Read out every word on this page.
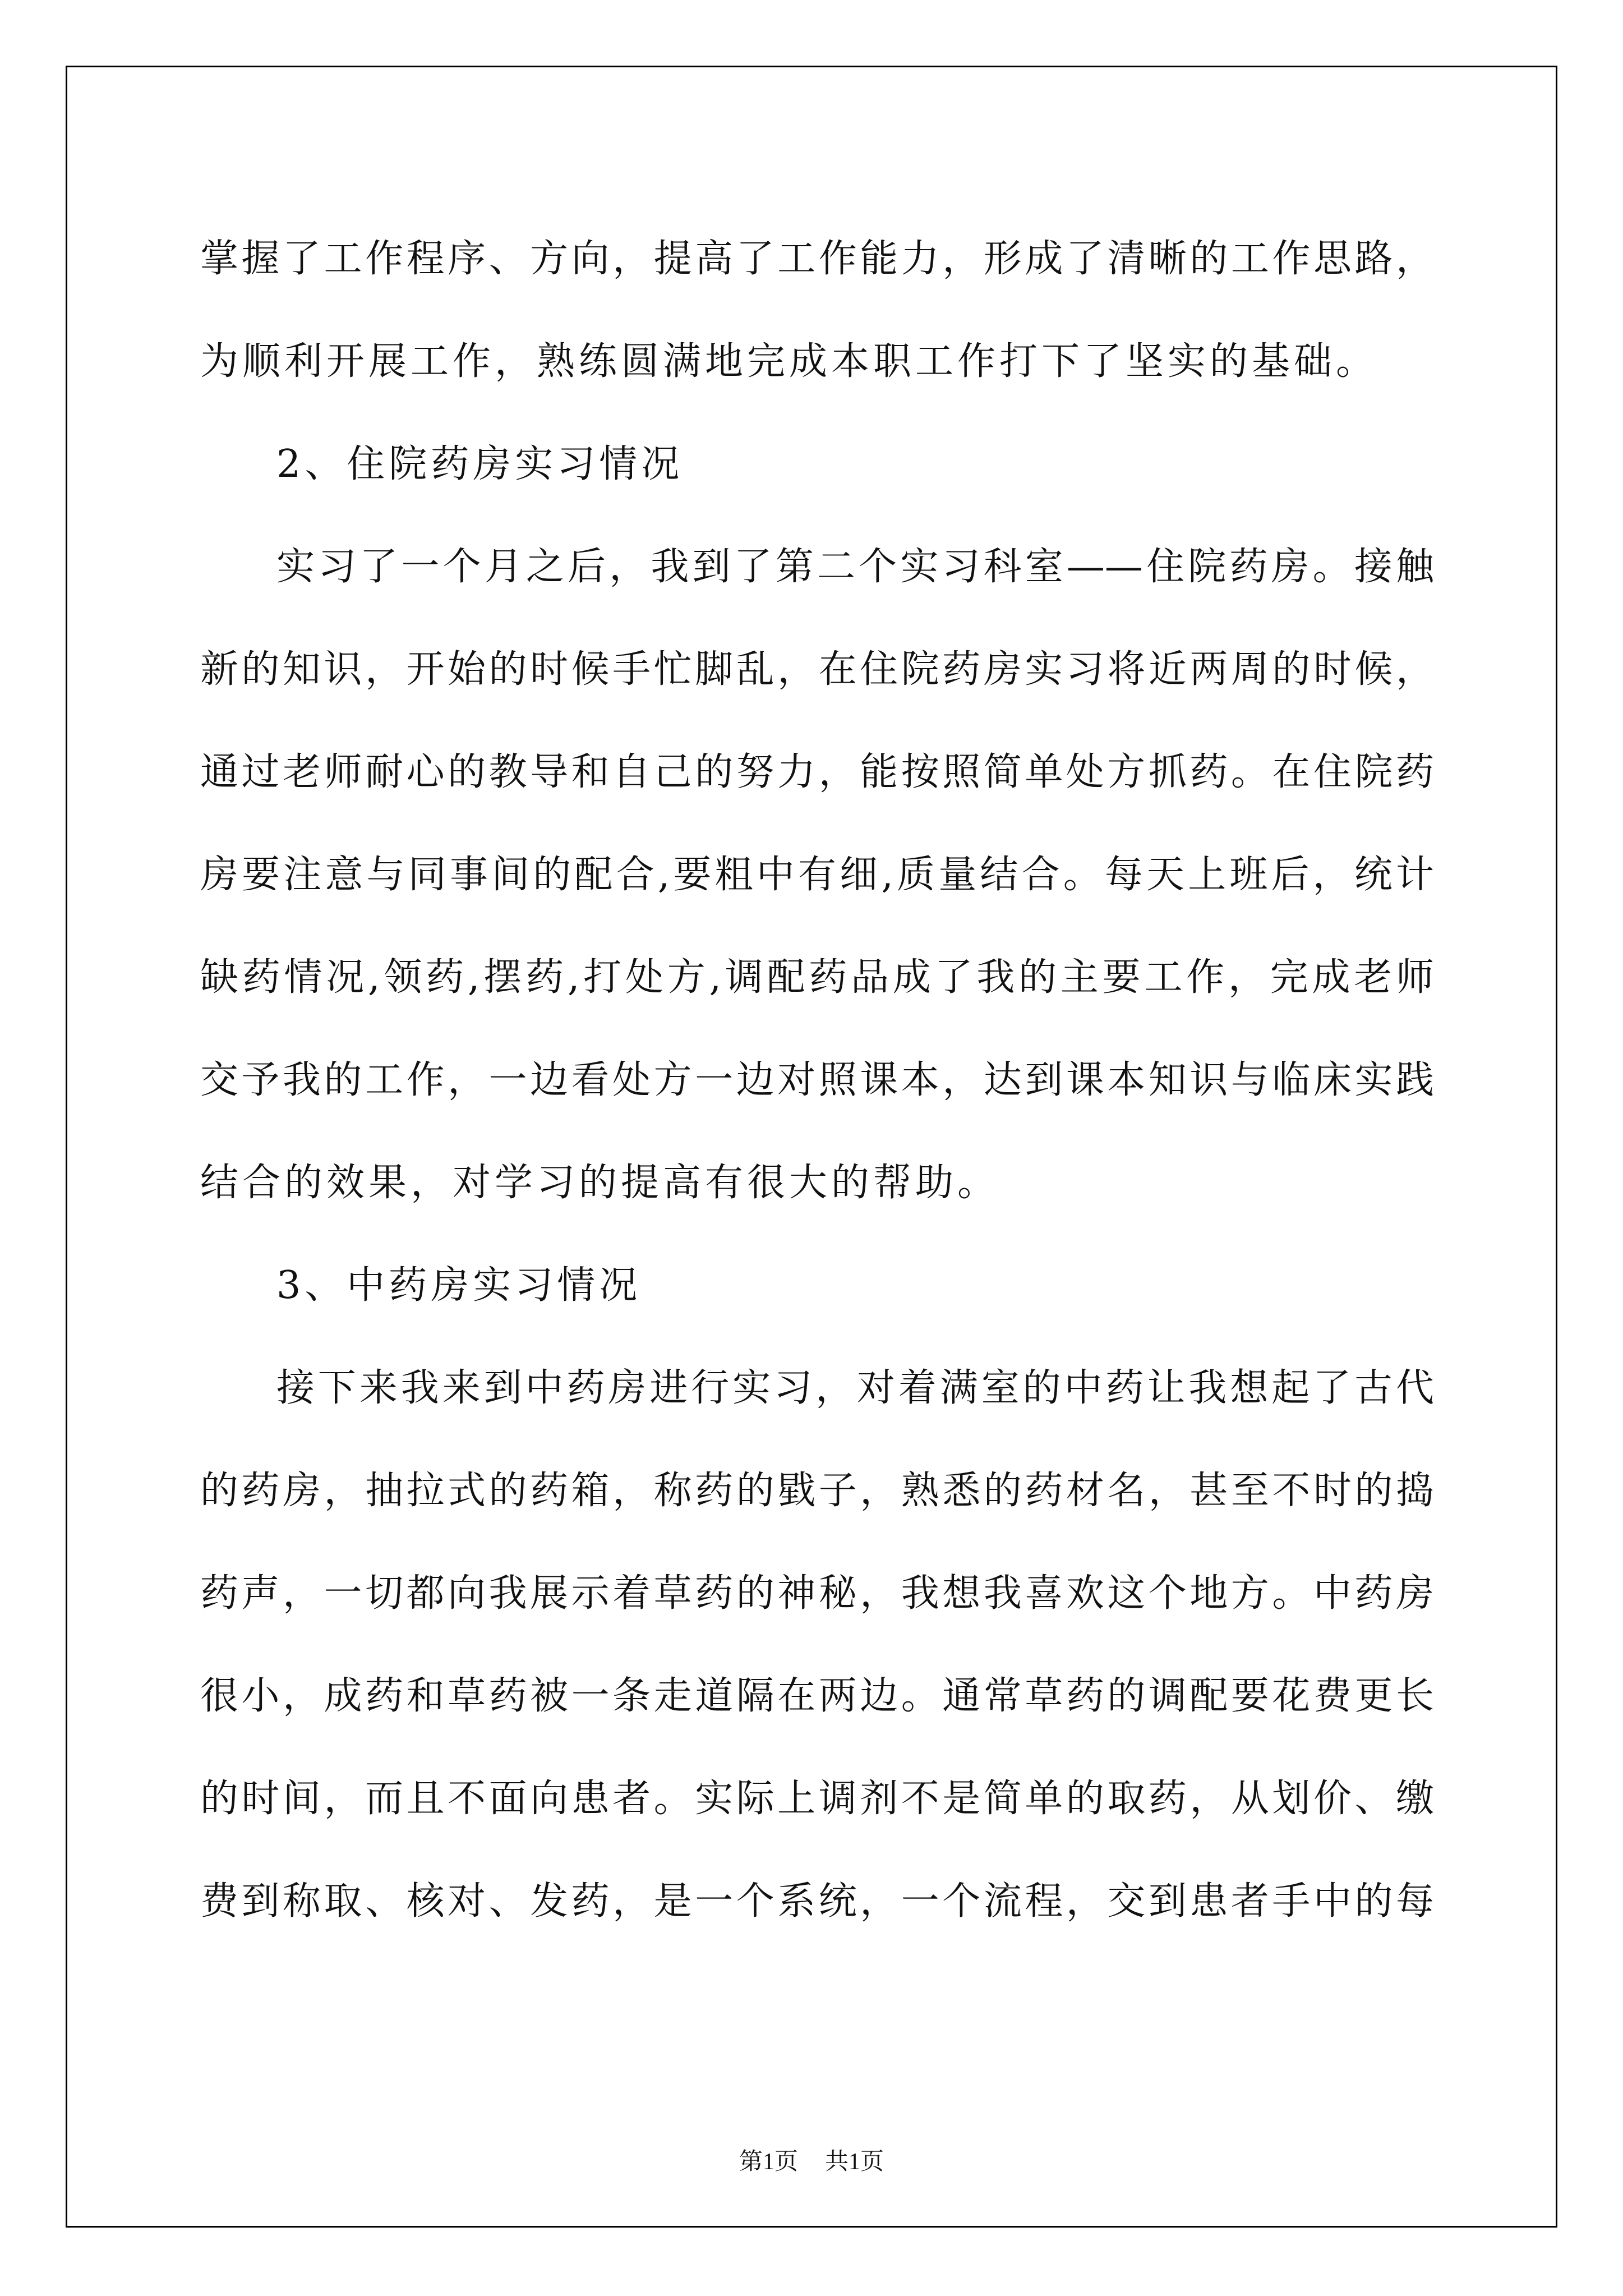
掌握了工作程序、方向，提高了工作能力，形成了清晰的工作思路，
为顺利开展工作，熟练圆满地完成本职工作打下了坚实的基础。
2、住院药房实习情况
实习了一个月之后，我到了第二个实习科室——住院药房。接触
新的知识，开始的时候手忙脚乱，在住院药房实习将近两周的时候，
通过老师耐心的教导和自己的努力，能按照简单处方抓药。在住院药
房要注意与同事间的配合,要粗中有细,质量结合。每天上班后，统计
缺药情况,领药,摆药,打处方,调配药品成了我的主要工作，完成老师
交予我的工作，一边看处方一边对照课本，达到课本知识与临床实践
结合的效果，对学习的提高有很大的帮助。
3、中药房实习情况
接下来我来到中药房进行实习，对着满室的中药让我想起了古代
的药房，抽拉式的药箱，称药的戥子，熟悉的药材名，甚至不时的捣
药声，一切都向我展示着草药的神秘，我想我喜欢这个地方。中药房
很小，成药和草药被一条走道隔在两边。通常草药的调配要花费更长
的时间，而且不面向患者。实际上调剂不是简单的取药，从划价、缴
费到称取、核对、发药，是一个系统，一个流程，交到患者手中的每
第1页 共1页
